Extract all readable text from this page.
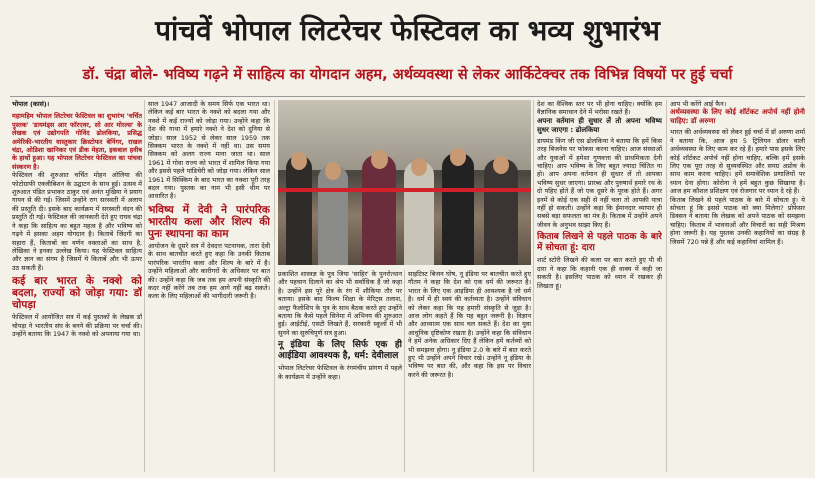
पांचवें भोपाल लिटरेचर फेस्टिवल का भव्य शुभारंभ
डॉ. चंद्रा बोले- भविष्य गढ़ने में साहित्य का योगदान अहम, अर्थव्यवस्था से लेकर आर्किटेक्चर तक विभिन्न विषयों पर हुई चर्चा

भोपाल (कासं)।

महामहिम भोपाल लिटरेचर फेस्टिवल का शुभारंभ 'चर्चित पुस्तक' 'डायमंड्स आर फॉरएवर, सो आर मोरल्स' के लेखक एवं उद्योगपति गोविंद ढोलकिया, प्रसिद्ध अमेरिकी-भारतीय वास्तुकार क्रिस्टोफर बेनिंगर, राखल चंद्रा, ओडिशा खानिकर एवं डीक मेहता, इकबाल हवीब के हाथों हुआ। यह भोपाल लिटरेचर फेस्टिवल का पांचवा संस्करण है।

फेस्टिवल की शुरुआत चर्चित मोहन ओलिया की फोटोग्राफी एक्जीबिशन के उद्घाटन के साथ हुई। उत्सव में शुरुआत पंडित प्रभाकर ठाकुर एवं अनंत मुखिया ने प्रयाग गायन से की गई। जिसमें उन्होंने राग सरस्वती में अलाप की प्रस्तुति दी। इसके बाद कार्यक्रम में सरस्वती वंदन की प्रस्तुति दी गई। फेस्टिवल की जानकारी देते हुए राघव चंद्रा ने कहा कि साहित्य का बहुत महत्व है और भविष्य को गढ़ने में इसका अहम योगदान है। किताबें जिंदगी का सहारा हैं, किताबों का वर्णन वक्ताओं का साथ है, लेखिका ने इनका उल्लेख किया। यह फेस्टिवल साहित्य और ज्ञान का संगम है जिसमें ये किताबें और भी ऊपर उठ सकती हैं।

कई बार भारत के नक्शे को बदला, राज्यों को जोड़ा गया: डॉ चोपड़ा

फेस्टिवल में आयोजित सत्र में कई पुस्तकों के लेखक डॉ चोपड़ा ने भारतीय संघ के बनने की प्रक्रिया पर चर्चा की। उन्होंने बताया कि 1947 के नक्शे को अपनाया गया था।

साल 1947 आजादी के समय सिर्फ एक भारत था। लेकिन कई बार भारत के नक्शे को बदला गया और नक्शे में कई राज्यों को जोड़ा गया। उन्होंने कहा कि देश की गाथा में हमारे नक्शे ने देश को दुनिया से जोड़ा। साल 1952 से लेकर साल 1959 तक सिक्कम भारत के नक्शे में नहीं था। उस समय सिक्कम को अलग राज्य माना जाता था। साल 1961 में गोवा राज्य को भारत में शामिल किया गया और इससे पहले पांडिचेरी को जोड़ा गया। लेकिन साल 1961 में सिक्किम के बाद भारत का नक्शा पूरी तरह बदल गया। पुस्तक का नाम भी इसी थीम पर आधारित है।

भविष्य में देवी ने पारंपरिक भारतीय कला और शिल्प की पुनः स्थापना का काम

आयोजन के दूसरे सत्र में देवदत्त पटनायक, तारा देवी के साथ बातचीत करते हुए कहा कि उनकी किताब पारंपरिक भारतीय कला और शिल्प के बारे में है। उन्होंने महिलाओं और कारीगरों के अधिकार पर बात की। उन्होंने कहा कि जब तक हम अपनी संस्कृति की कदर नहीं करेंगे तब तक हम आगे नहीं बढ़ सकते। कला के लिए महिलाओं की भागीदारी जरूरी है।

प्रकाशित शास्त्रज्ञ के पुत्र जिया 'साहिर' के पुनरोत्थान और पहचान दिलाने का श्रेय भी सर्वाधिक हैं जो कहा है। उन्होंने इस पूरे क्षेत्र के रंग में शौकिया तौर पर बताया। इसके बाद फिल्म शिक्षा के मेरिट्स तलाश, अल्ट्रा फैलोशिप के पुत्र के साथ बैठक करते हुए उन्होंने बताया कि कैसे पहले सिनेमा में अभिनय की शुरुआत हुई। आईटीई, एसटी लिखते हैं, सरकारी स्कूलों में भी सुनने का सुरुचिपूर्ण सत्र हुआ।

नू इंडिया के लिए सिर्फ एक ही आईडिया आवश्यक है, धर्म: देवीलाल

भोपाल लिटरेचर फेस्टिवल के रंगमंचीय प्रांगण में पहले के कार्यक्रम में उन्होंने कहा।

साइंटिस्ट बिजन घोष, नू इंडिया पर बातचीत करते हुए गौतम ने कहा कि देश को एक धर्म की जरूरत है। भारत के लिए एक आइडिया ही आवश्यक है जो धर्म है। धर्म में ही स्वयं की कर्तव्यता है। उन्होंने संविधान को लेकर कहा कि यह हमारी संस्कृति से जुड़ा है। आज लोग कहते हैं कि यह बहुत जरूरी है। विज्ञान और आध्यात्म एक साथ चल सकते हैं। देश का युवा आधुनिक दृष्टिकोण रखता है। उन्होंने कहा कि संविधान ने हमें अनेक अधिकार दिए हैं लेकिन हमें कर्तव्यों को भी समझना होगा। नू इंडिया 2.0 के बारे में बात करते हुए भी उन्होंने अपने विचार रखे। उन्होंने नू इंडिया के भविष्य पर बात की, और कहा कि इस पर विचार करने की जरूरत है।

देश का वैश्विक स्तर पर भी होना चाहिए। क्योंकि हम वैज्ञानिक समाधान देने में भरोसा रखते हैं।

अपना वर्तमान ही सुधार लें तो अपना भविष्य सुधर जाएगा : ढोलकिया

डायमंड किंग जी एस ढोलकिया ने बताया कि हमें किस तरह बिजनेस पर फोकस करना चाहिए। आज संस्थाओं और युवाओं में हमेशा गुणवत्ता की प्राथमिकता देनी चाहिए। आप भविष्य के लिए बहुत ज्यादा चिंतित ना हो। आप अपना वर्तमान ही सुधार लें तो आपका भविष्य सुधर जाएगा। प्रारब्ध और पुरुषार्थ हमारे रथ के दो पहिए होते हैं जो एक दूसरे के पूरक होते हैं। अगर इनमें से कोई एक सही से नहीं चला तो आपकी यात्रा नहीं हो सकती। उन्होंने कहा कि ईमानदार व्यापार ही सबसे बड़ा सफलता का मंत्र है। किताब में उन्होंने अपने जीवन के अनुभव साझा किए हैं।

किताब लिखने से पहले पाठक के बारे में सोचता हूं: दारा

शार्ट स्टोरी लिखने की कला पर बात करते हुए पी वी दारा ने कहा कि कहानी एक ही वाक्य में कही जा सकती है। इसलिए पाठक को ध्यान में रखकर ही लिखता हूं।

आप भी करेंगे आई फैन।

अर्थव्यवस्था के लिए कोई शॉर्टकट अपोर्च नहीं होनी चाहिए: डॉ अरुणा

भारत की अर्थव्यवस्था को लेकर हुई चर्चा में डॉ अरुणा शर्मा ने बताया कि, आज हम 5 ट्रिलियन डॉलर वाली अर्थव्यवस्था के लिए काम कर रहे हैं। हमारे पास इसके लिए कोई शॉर्टकट अपोर्च नहीं होना चाहिए, बल्कि हमें इसके लिए एक पूरा तरह से सुव्यवस्थित और समग्र अप्रोच के साथ काम करना चाहिए। हमें समावेशिक प्रणालियों पर ध्यान देना होगा। कोरोना ने हमें बहुत कुछ सिखाया है। आज हम कौशल प्रशिक्षण एवं रोजगार पर ध्यान दे रहे हैं।

किताब लिखने से पहले पाठक के बारे में सोचता हूं। ये सोचता हूं कि इससे पाठक को क्या मिलेगा? प्रोफेसर डिक्सन ने बताया कि लेखक को अपने पाठक को समझना चाहिए। किताब में भावनाओं और विचारों का सही मिश्रण होना जरूरी है। यह पुस्तक उनकी कहानियों का संग्रह है जिसमें 720 पन्ने हैं और कई कहानियां शामिल हैं।
